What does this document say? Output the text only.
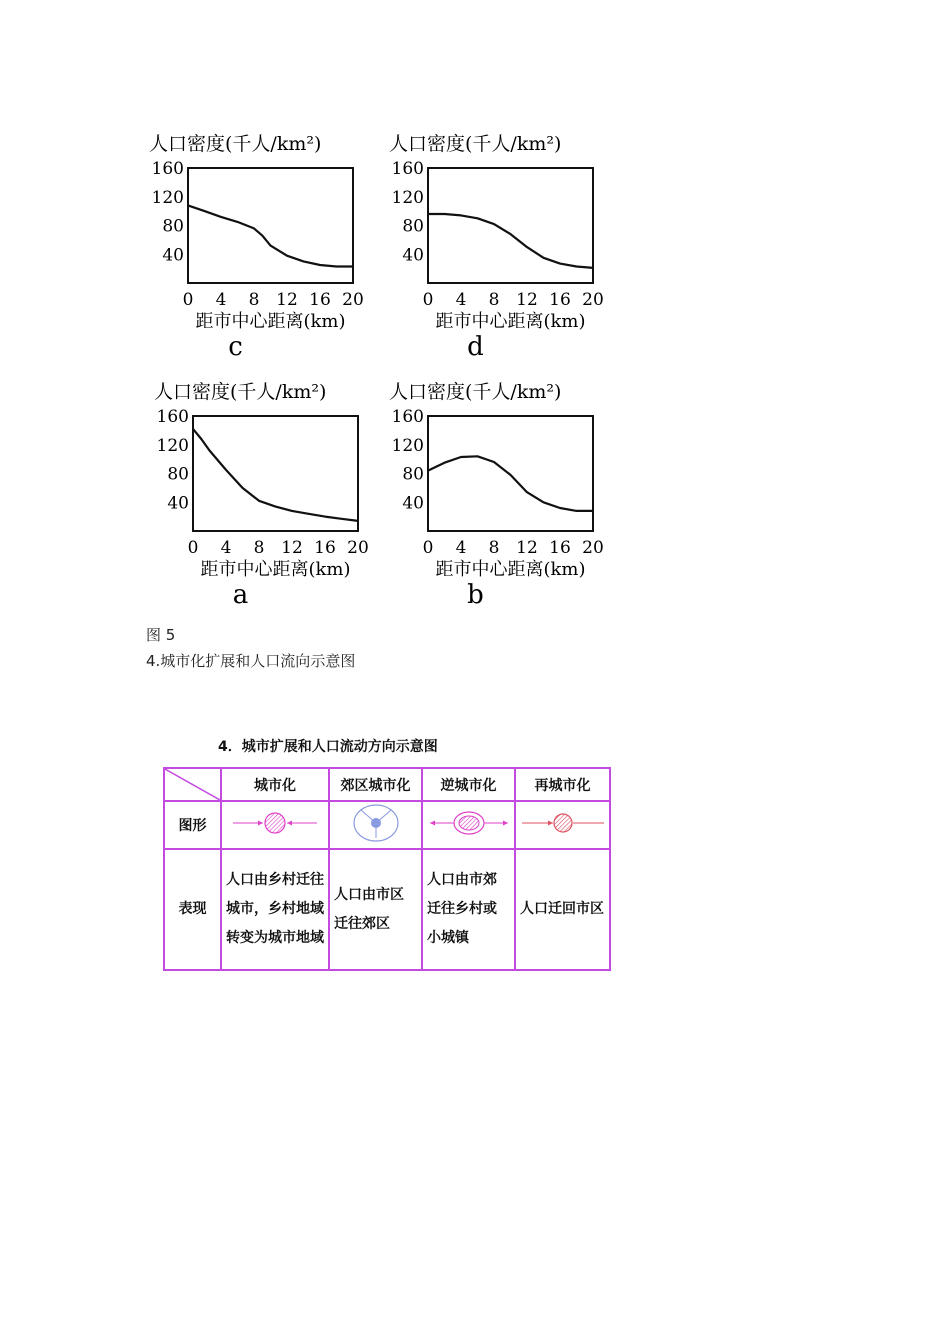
人口密度(千人/km²)
40
80
120
160
0 4 8 12 16 20
距市中心距离(km)
c
人口密度(千人/km²)
40
80
120
160
0 4 8 12 16 20
距市中心距离(km)
d
人口密度(千人/km²)
40
80
120
160
0 4 8 12 16 20
距市中心距离(km)
a
人口密度(千人/km²)
40
80
120
160
0 4 8 12 16 20
距市中心距离(km)
b
图 5
4.城市化扩展和人口流向示意图
4．城市扩展和人口流动方向示意图
	城市化	郊区城市化	逆城市化	再城市化
图形				
表现	人口由乡村迁往城市，乡村地域转变为城市地域	人口由市区迁往郊区	人口由市郊迁往乡村或小城镇	人口迁回市区
